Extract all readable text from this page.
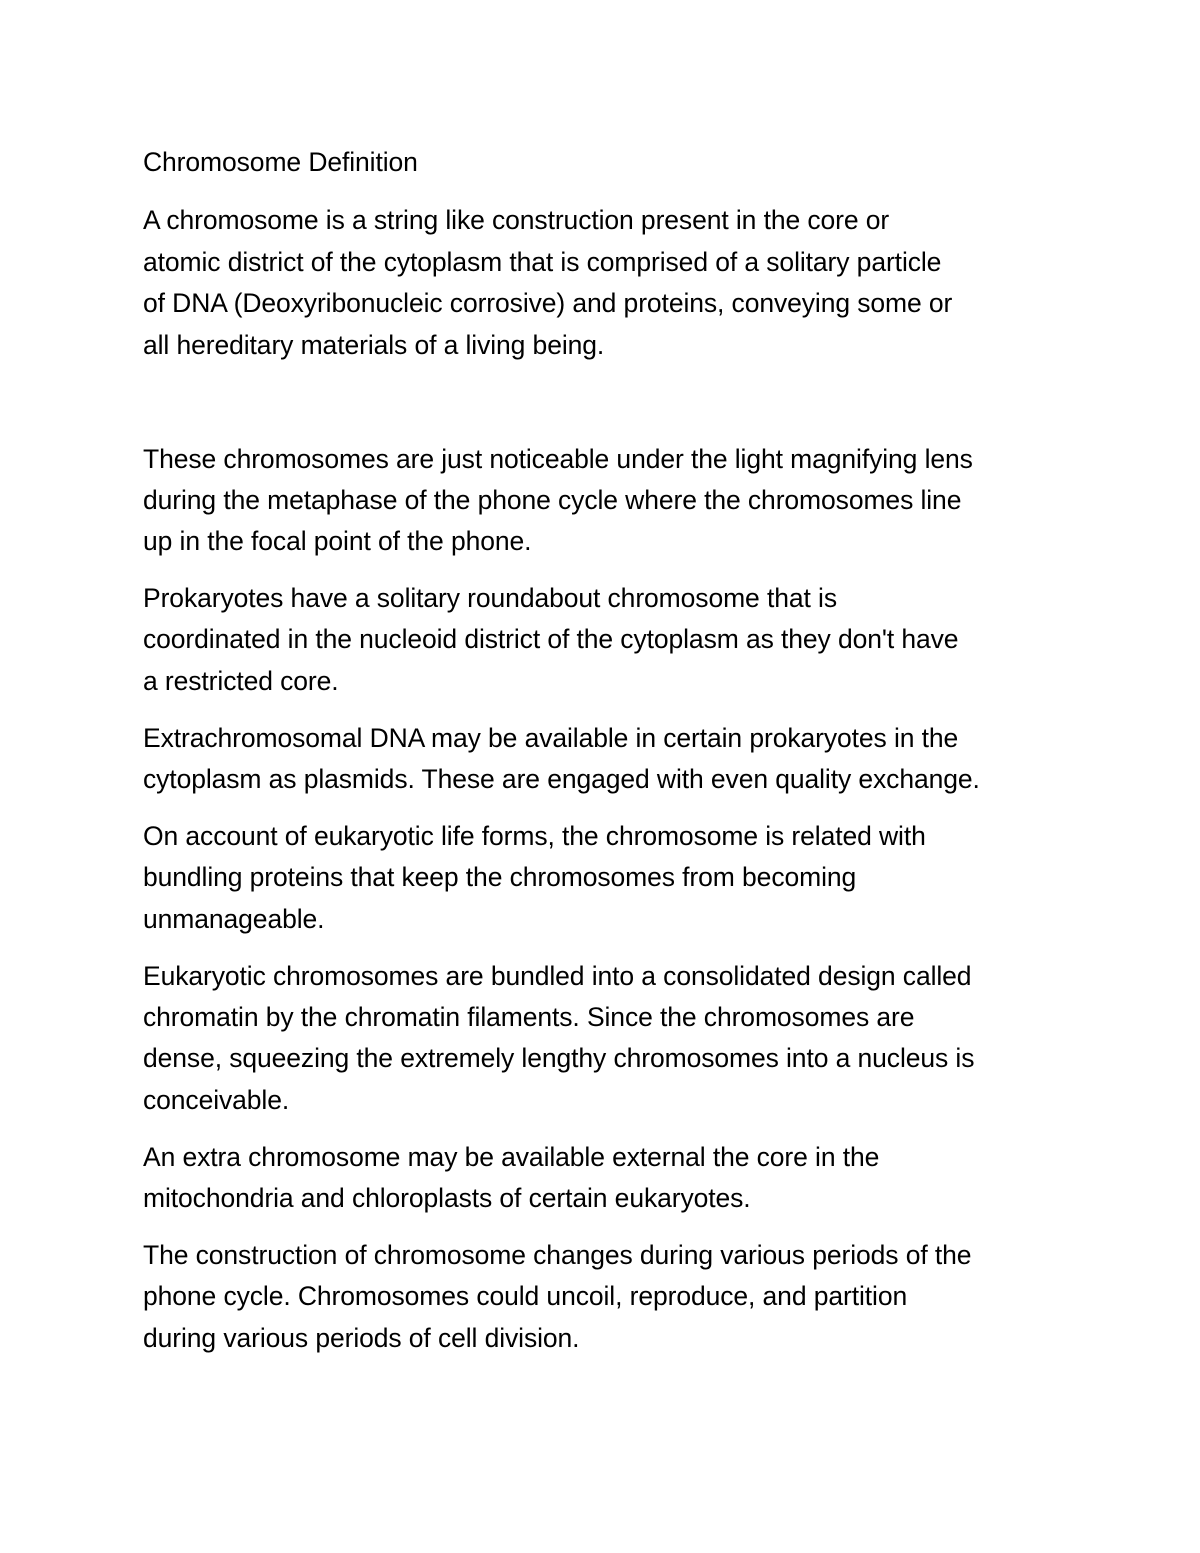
Chromosome Definition

A chromosome is a string like construction present in the core or

atomic district of the cytoplasm that is comprised of a solitary particle

of DNA (Deoxyribonucleic corrosive) and proteins, conveying some or

all hereditary materials of a living being.

These chromosomes are just noticeable under the light magnifying lens

during the metaphase of the phone cycle where the chromosomes line

up in the focal point of the phone.

Prokaryotes have a solitary roundabout chromosome that is

coordinated in the nucleoid district of the cytoplasm as they don't have

a restricted core.

Extrachromosomal DNA may be available in certain prokaryotes in the

cytoplasm as plasmids. These are engaged with even quality exchange.

On account of eukaryotic life forms, the chromosome is related with

bundling proteins that keep the chromosomes from becoming

unmanageable.

Eukaryotic chromosomes are bundled into a consolidated design called

chromatin by the chromatin filaments. Since the chromosomes are

dense, squeezing the extremely lengthy chromosomes into a nucleus is

conceivable.

An extra chromosome may be available external the core in the

mitochondria and chloroplasts of certain eukaryotes.

The construction of chromosome changes during various periods of the

phone cycle. Chromosomes could uncoil, reproduce, and partition

during various periods of cell division.
